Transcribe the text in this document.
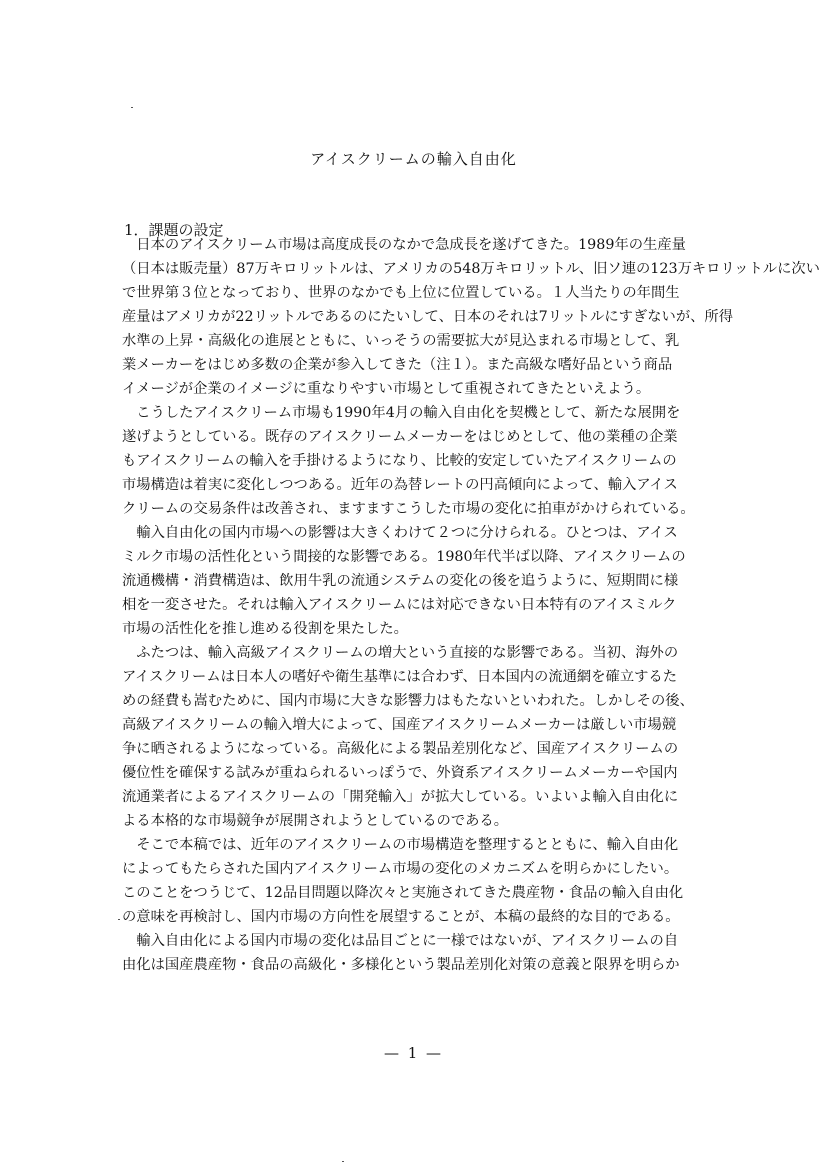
アイスクリームの輸入自由化
1．課題の設定
　日本のアイスクリーム市場は高度成長のなかで急成長を遂げてきた。1989年の生産量
（日本は販売量）87万キロリットルは、アメリカの548万キロリットル、旧ソ連の123万キロリットルに次い
で世界第３位となっており、世界のなかでも上位に位置している。１人当たりの年間生
産量はアメリカが22リットルであるのにたいして、日本のそれは7リットルにすぎないが、所得
水準の上昇・高級化の進展とともに、いっそうの需要拡大が見込まれる市場として、乳
業メーカーをはじめ多数の企業が参入してきた（注１）。また高級な嗜好品という商品
イメージが企業のイメージに重なりやすい市場として重視されてきたといえよう。
　こうしたアイスクリーム市場も1990年4月の輸入自由化を契機として、新たな展開を
遂げようとしている。既存のアイスクリームメーカーをはじめとして、他の業種の企業
もアイスクリームの輸入を手掛けるようになり、比較的安定していたアイスクリームの
市場構造は着実に変化しつつある。近年の為替レートの円高傾向によって、輸入アイス
クリームの交易条件は改善され、ますますこうした市場の変化に拍車がかけられている。
　輸入自由化の国内市場への影響は大きくわけて２つに分けられる。ひとつは、アイス
ミルク市場の活性化という間接的な影響である。1980年代半ば以降、アイスクリームの
流通機構・消費構造は、飲用牛乳の流通システムの変化の後を追うように、短期間に様
相を一変させた。それは輸入アイスクリームには対応できない日本特有のアイスミルク
市場の活性化を推し進める役割を果たした。
　ふたつは、輸入高級アイスクリームの増大という直接的な影響である。当初、海外の
アイスクリームは日本人の嗜好や衛生基準には合わず、日本国内の流通網を確立するた
めの経費も嵩むために、国内市場に大きな影響力はもたないといわれた。しかしその後、
高級アイスクリームの輸入増大によって、国産アイスクリームメーカーは厳しい市場競
争に晒されるようになっている。高級化による製品差別化など、国産アイスクリームの
優位性を確保する試みが重ねられるいっぽうで、外資系アイスクリームメーカーや国内
流通業者によるアイスクリームの「開発輸入」が拡大している。いよいよ輸入自由化に
よる本格的な市場競争が展開されようとしているのである。
　そこで本稿では、近年のアイスクリームの市場構造を整理するとともに、輸入自由化
によってもたらされた国内アイスクリーム市場の変化のメカニズムを明らかにしたい。
このことをつうじて、12品目問題以降次々と実施されてきた農産物・食品の輸入自由化
の意味を再検討し、国内市場の方向性を展望することが、本稿の最終的な目的である。
　輸入自由化による国内市場の変化は品目ごとに一様ではないが、アイスクリームの自
由化は国産農産物・食品の高級化・多様化という製品差別化対策の意義と限界を明らか
— 1 —
